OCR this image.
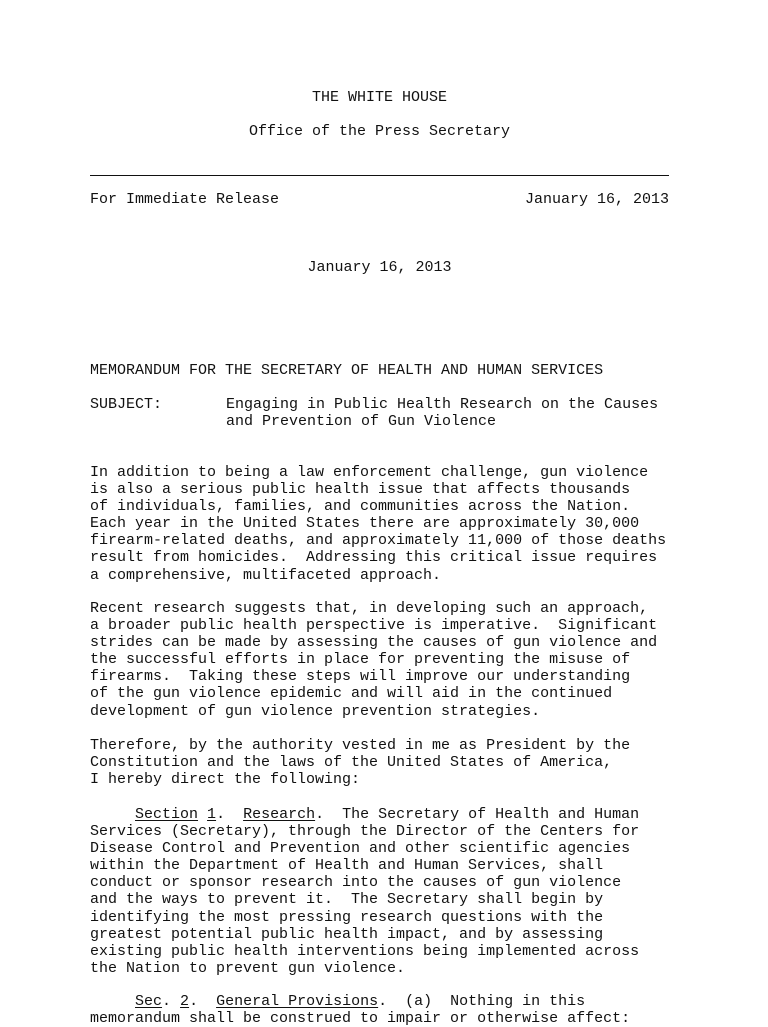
THE WHITE HOUSE
Office of the Press Secretary
For Immediate Release	January 16, 2013
January 16, 2013
MEMORANDUM FOR THE SECRETARY OF HEALTH AND HUMAN SERVICES
SUBJECT:	Engaging in Public Health Research on the Causes
and Prevention of Gun Violence
In addition to being a law enforcement challenge, gun violence
is also a serious public health issue that affects thousands
of individuals, families, and communities across the Nation.
Each year in the United States there are approximately 30,000
firearm-related deaths, and approximately 11,000 of those deaths
result from homicides.  Addressing this critical issue requires
a comprehensive, multifaceted approach.
Recent research suggests that, in developing such an approach,
a broader public health perspective is imperative.  Significant
strides can be made by assessing the causes of gun violence and
the successful efforts in place for preventing the misuse of
firearms.  Taking these steps will improve our understanding
of the gun violence epidemic and will aid in the continued
development of gun violence prevention strategies.
Therefore, by the authority vested in me as President by the
Constitution and the laws of the United States of America,
I hereby direct the following:
Section 1.  Research.  The Secretary of Health and Human
Services (Secretary), through the Director of the Centers for
Disease Control and Prevention and other scientific agencies
within the Department of Health and Human Services, shall
conduct or sponsor research into the causes of gun violence
and the ways to prevent it.  The Secretary shall begin by
identifying the most pressing research questions with the
greatest potential public health impact, and by assessing
existing public health interventions being implemented across
the Nation to prevent gun violence.
Sec. 2.  General Provisions.  (a)  Nothing in this
memorandum shall be construed to impair or otherwise affect:
